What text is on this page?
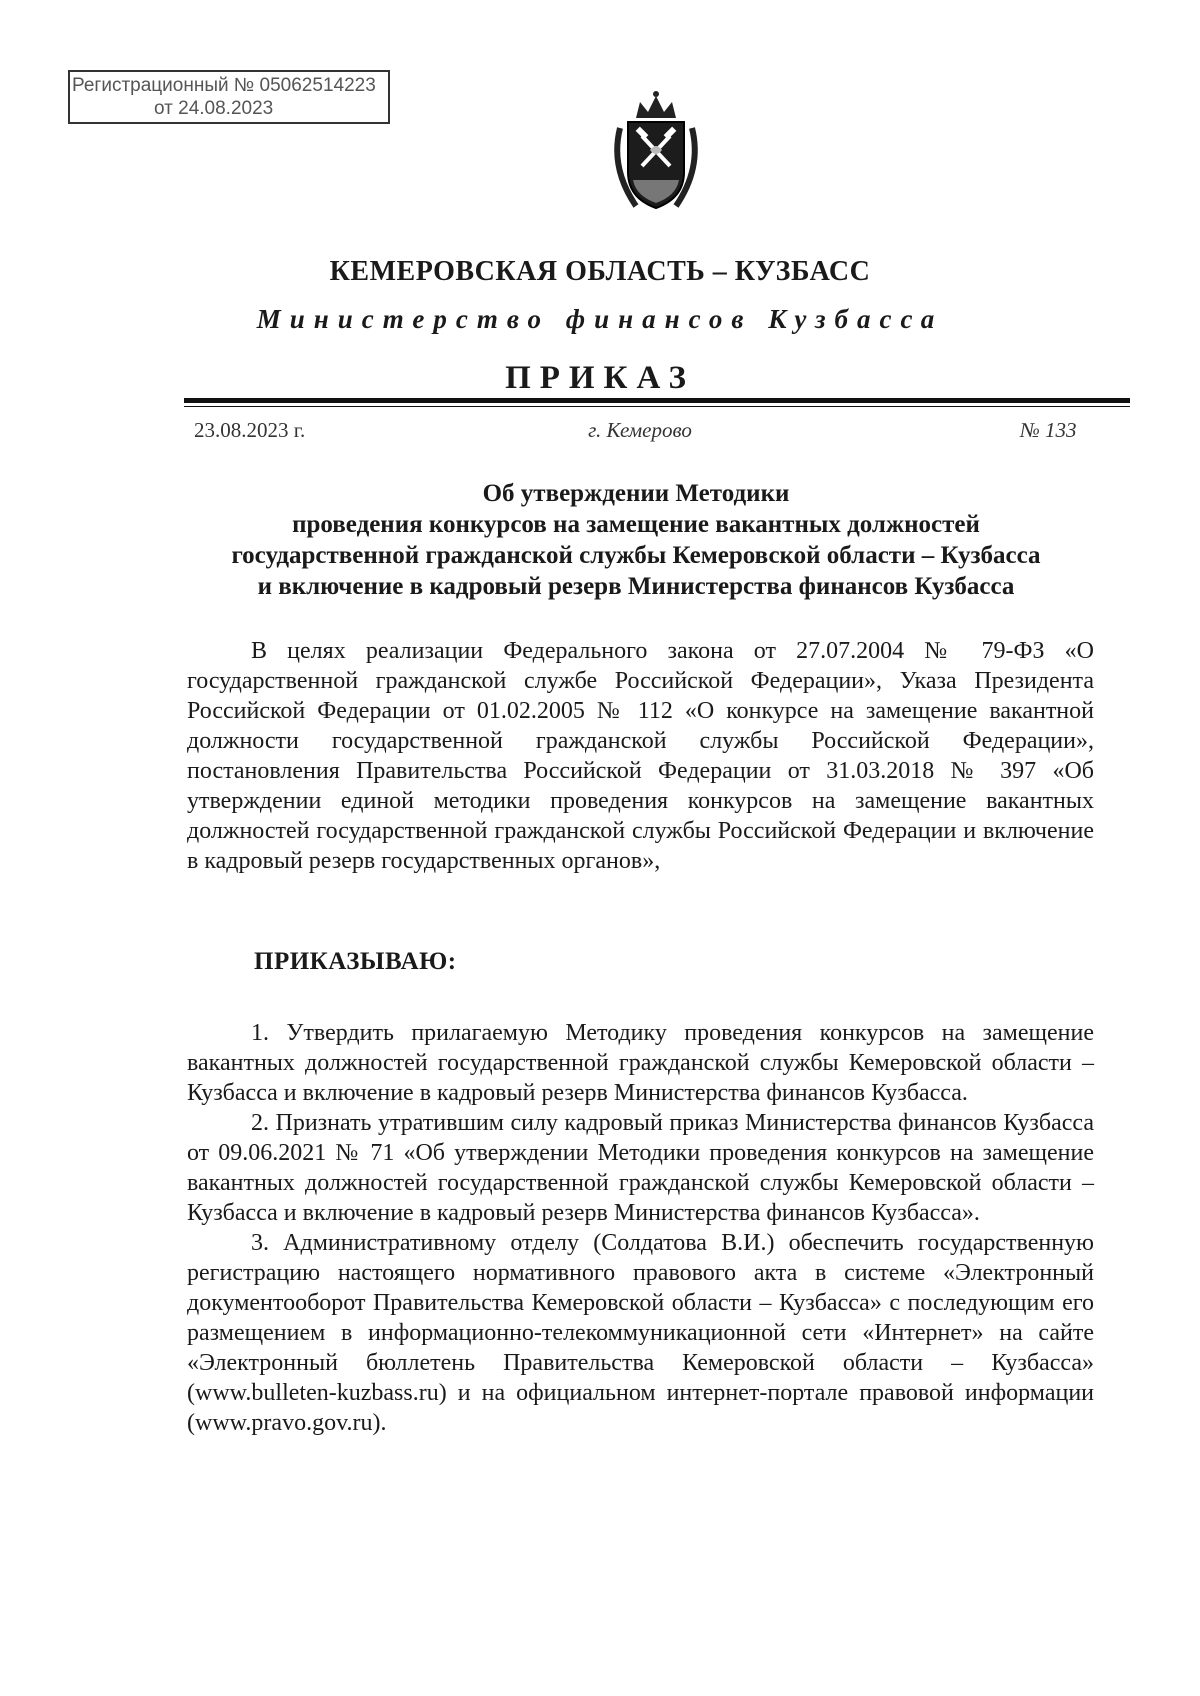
Регистрационный № 05062514223
от 24.08.2023
КЕМЕРОВСКАЯ ОБЛАСТЬ – КУЗБАСС
Министерство финансов Кузбасса
ПРИКАЗ
23.08.2023 г.	г. Кемерово	№ 133
Об утверждении Методики
проведения конкурсов на замещение вакантных должностей
государственной гражданской службы Кемеровской области – Кузбасса
и включение в кадровый резерв Министерства финансов Кузбасса

В целях реализации Федерального закона от 27.07.2004 № 79-ФЗ «О государственной гражданской службе Российской Федерации», Указа Президента Российской Федерации от 01.02.2005 № 112 «О конкурсе на замещение вакантной должности государственной гражданской службы Российской Федерации», постановления Правительства Российской Федерации от 31.03.2018 № 397 «Об утверждении единой методики проведения конкурсов на замещение вакантных должностей государственной гражданской службы Российской Федерации и включение в кадровый резерв государственных органов»,

ПРИКАЗЫВАЮ:

1. Утвердить прилагаемую Методику проведения конкурсов на замещение вакантных должностей государственной гражданской службы Кемеровской области – Кузбасса и включение в кадровый резерв Министерства финансов Кузбасса.

2. Признать утратившим силу кадровый приказ Министерства финансов Кузбасса от 09.06.2021 № 71 «Об утверждении Методики проведения конкурсов на замещение вакантных должностей государственной гражданской службы Кемеровской области – Кузбасса и включение в кадровый резерв Министерства финансов Кузбасса».

3. Административному отделу (Солдатова В.И.) обеспечить государственную регистрацию настоящего нормативного правового акта в системе «Электронный документооборот Правительства Кемеровской области – Кузбасса» с последующим его размещением в информационно-телекоммуникационной сети «Интернет» на сайте «Электронный бюллетень Правительства Кемеровской области – Кузбасса» (www.bulleten-kuzbass.ru) и на официальном интернет-портале правовой информации (www.pravo.gov.ru).
